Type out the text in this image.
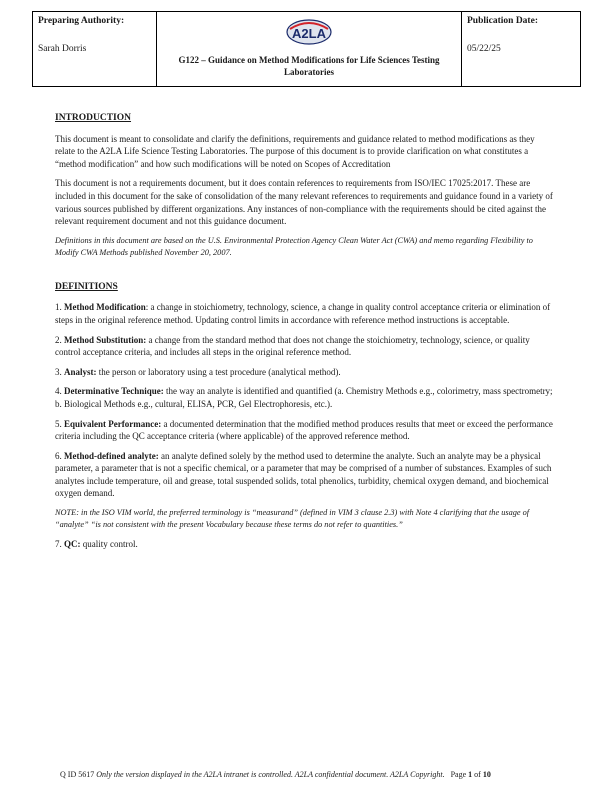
Preparing Authority:
Sarah Dorris
A2LA
G122 – Guidance on Method Modifications for Life Sciences Testing Laboratories
Publication Date:
05/22/25
INTRODUCTION

This document is meant to consolidate and clarify the definitions, requirements and guidance related to method modifications as they relate to the A2LA Life Science Testing Laboratories. The purpose of this document is to provide clarification on what constitutes a “method modification” and how such modifications will be noted on Scopes of Accreditation

This document is not a requirements document, but it does contain references to requirements from ISO/IEC 17025:2017. These are included in this document for the sake of consolidation of the many relevant references to requirements and guidance found in a variety of various sources published by different organizations. Any instances of non-compliance with the requirements should be cited against the relevant requirement document and not this guidance document.

Definitions in this document are based on the U.S. Environmental Protection Agency Clean Water Act (CWA) and memo regarding Flexibility to Modify CWA Methods published November 20, 2007.

DEFINITIONS

1. Method Modification: a change in stoichiometry, technology, science, a change in quality control acceptance criteria or elimination of steps in the original reference method. Updating control limits in accordance with reference method instructions is acceptable.

2. Method Substitution: a change from the standard method that does not change the stoichiometry, technology, science, or quality control acceptance criteria, and includes all steps in the original reference method.

3. Analyst: the person or laboratory using a test procedure (analytical method).

4. Determinative Technique: the way an analyte is identified and quantified (a. Chemistry Methods e.g., colorimetry, mass spectrometry; b. Biological Methods e.g., cultural, ELISA, PCR, Gel Electrophoresis, etc.).

5. Equivalent Performance: a documented determination that the modified method produces results that meet or exceed the performance criteria including the QC acceptance criteria (where applicable) of the approved reference method.

6. Method-defined analyte: an analyte defined solely by the method used to determine the analyte. Such an analyte may be a physical parameter, a parameter that is not a specific chemical, or a parameter that may be comprised of a number of substances. Examples of such analytes include temperature, oil and grease, total suspended solids, total phenolics, turbidity, chemical oxygen demand, and biochemical oxygen demand.

NOTE: in the ISO VIM world, the preferred terminology is “measurand” (defined in VIM 3 clause 2.3) with Note 4 clarifying that the usage of “analyte” “is not consistent with the present Vocabulary because these terms do not refer to quantities.”

7. QC: quality control.

Q ID 5617 Only the version displayed in the A2LA intranet is controlled. A2LA confidential document. A2LA Copyright.   Page 1 of 10
